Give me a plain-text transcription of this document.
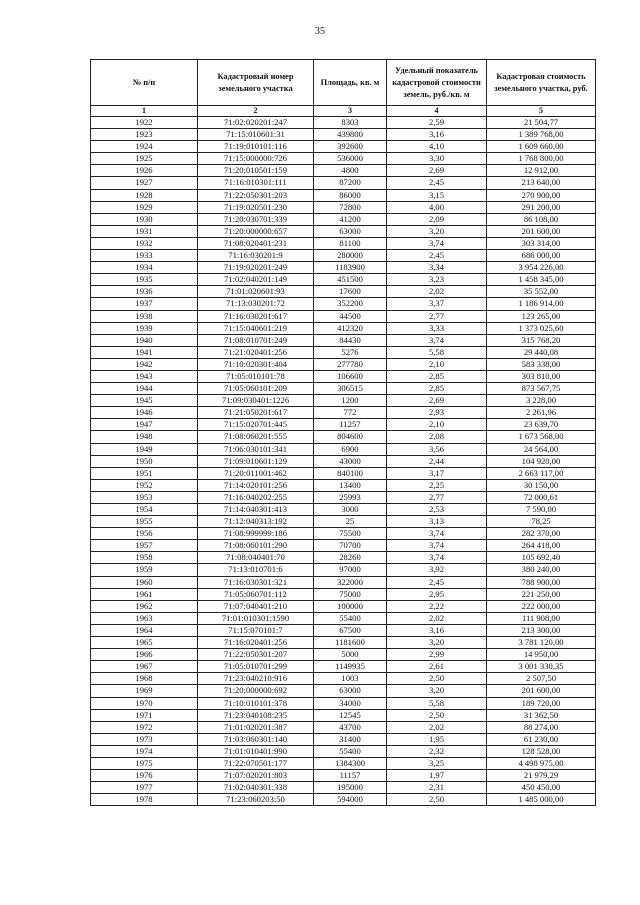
35
№ п/п	Кадастровый номер земельного участка	Площадь, кв. м	Удельный показатель кадастровой стоимости земель, руб./кв. м	Кадастровая стоимость земельного участка, руб.
1	2	3	4	5
1922	71:02:020201:247	8303	2,59	21 504,77
1923	71:15:010601:31	439800	3,16	1 389 768,00
1924	71:19:010101:116	392600	4,10	1 609 660,00
1925	71:15:000000:726	536000	3,30	1 768 800,00
1926	71:20:010501:159	4800	2,69	12 912,00
1927	71:16:010301:111	87200	2,45	213 640,00
1928	71:22:050301:203	86000	3,15	270 900,00
1929	71:19:020501:230	72800	4,00	291 200,00
1930	71:20:030701:339	41200	2,09	86 108,00
1931	71:20:000000:657	63000	3,20	201 600,00
1932	71:08:020401:231	81100	3,74	303 314,00
1933	71:16:030201:9	280000	2,45	686 000,00
1934	71:19:020201:249	1183900	3,34	3 954 226,00
1935	71:02:040201:149	451500	3,23	1 458 345,00
1936	71:01:020601:93	17600	2,02	35 552,00
1937	71:13:030201:72	352200	3,37	1 186 914,00
1938	71:16:030201:617	44500	2,77	123 265,00
1939	71:15:040601:219	412320	3,33	1 373 025,60
1940	71:08:010701:249	84430	3,74	315 768,20
1941	71:21:020401:256	5276	5,58	29 440,08
1942	71:10:020301:404	277780	2,10	583 338,00
1943	71:05:010101:78	106600	2,85	303 810,00
1944	71:05:060101:209	306515	2,85	873 567,75
1945	71:09:030401:1226	1200	2,69	3 228,00
1946	71:21:050201:617	772	2,93	2 261,96
1947	71:15:020701:445	11257	2,10	23 639,70
1948	71:08:060201:555	804600	2,08	1 673 568,00
1949	71:06:030101:341	6900	3,56	24 564,00
1950	71:09:010601:129	43000	2,44	104 920,00
1951	71:20:011001:462	840100	3,17	2 663 117,00
1952	71:14:020101:256	13400	2,25	30 150,00
1953	71:16:040202:255	25993	2,77	72 000,61
1954	71:14:040301:413	3000	2,53	7 590,00
1955	71:12:040313:192	25	3,13	78,25
1956	71:08:999999:186	75500	3,74	282 370,00
1957	71:08:060101:290	70700	3,74	264 418,00
1958	71:08:040401:70	28260	3,74	105 692,40
1959	71:13:010701:6	97000	3,92	380 240,00
1960	71:16:030301:321	322000	2,45	788 900,00
1961	71:05:060701:112	75000	2,95	221 250,00
1962	71:07:040401:210	100000	2,22	222 000,00
1963	71:01:010301:1590	55400	2,02	111 908,00
1964	71:15:070101:7	67500	3,16	213 300,00
1965	71:16:020401:256	1181600	3,20	3 781 120,00
1966	71:22:050301:207	5000	2,99	14 950,00
1967	71:05:010701:299	1149935	2,61	3 001 330,35
1968	71:23:040210:916	1003	2,50	2 507,50
1969	71:20:000000:692	63000	3,20	201 600,00
1970	71:10:010101:378	34000	5,58	189 720,00
1971	71:23:040108:235	12545	2,50	31 362,50
1972	71:01:020201:387	43700	2,02	88 274,00
1973	71:03:060301:140	31400	1,95	61 230,00
1974	71:01:010401:990	55400	2,32	128 528,00
1975	71:22:070501:177	1384300	3,25	4 498 975,00
1976	71:07:020201:803	11157	1,97	21 979,29
1977	71:02:040301:338	195000	2,31	450 450,00
1978	71:23:060203:50	594000	2,50	1 485 000,00
